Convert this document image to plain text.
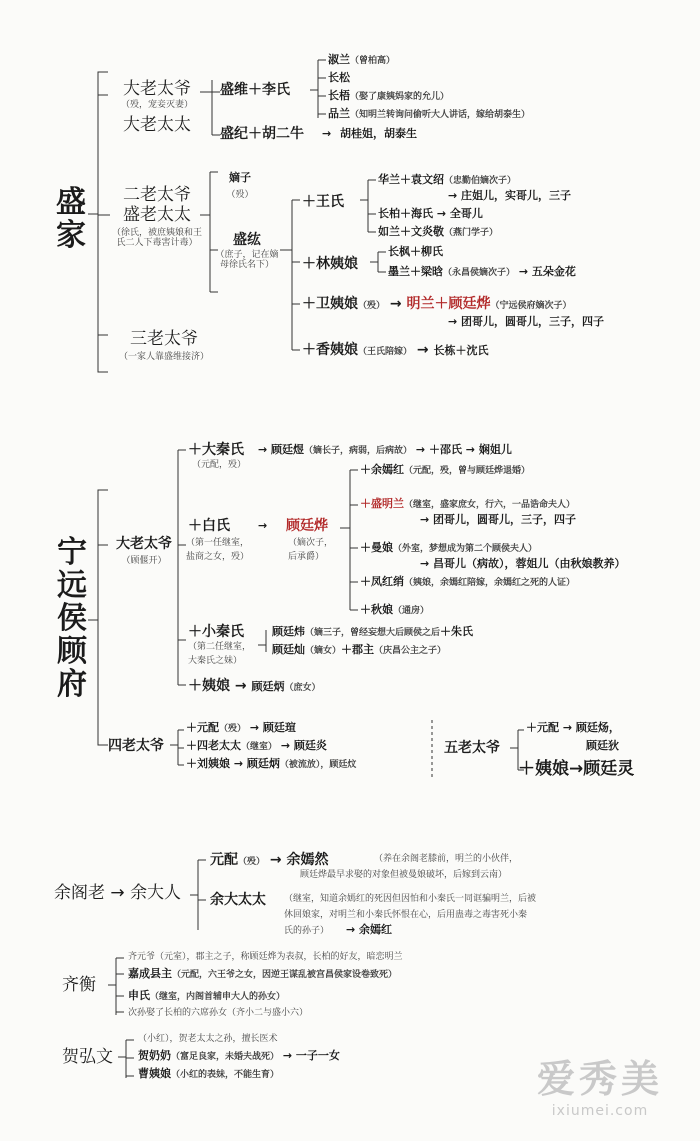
盛家
大老太爷
（殁，宠妾灭妻）
大老太太
盛维＋李氏
淑兰（曾柏高）
长松
长梧（娶了康姨妈家的允儿）
品兰（知明兰转询问偷听大人讲话，嫁给胡泰生）
盛纪＋胡二牛 → 胡桂姐，胡泰生
二老太爷
盛老太太
（徐氏，被庶姨娘和王氏二人下毒害计毒）
嫡子
（殁）
盛纮
（庶子，记在嫡母徐氏名下）
＋王氏
华兰＋袁文绍（忠勤伯嫡次子）
→ 庄姐儿，实哥儿，三子
长柏＋海氏 → 全哥儿
如兰＋文炎敬（燕门学子）
＋林姨娘
长枫＋柳氏
墨兰＋梁晗（永昌侯嫡次子） → 五朵金花
＋卫姨娘（殁） → 明兰＋顾廷烨（宁远侯府嫡次子）
→ 团哥儿，圆哥儿，三子，四子
＋香姨娘（王氏陪嫁） → 长栋＋沈氏
三老太爷
（一家人靠盛维接济）
宁远侯顾府
大老太爷
（顾偃开）
＋大秦氏
（元配，殁）
→ 顾廷煜（嫡长子，病弱，后病故） → ＋邵氏 → 娴姐儿
＋白氏	→
（第一任继室，
盐商之女，殁）
顾廷烨
（嫡次子，
后承爵）
＋余嫣红（元配，殁，曾与顾廷烨退婚）
＋盛明兰（继室，盛家庶女，行六，一品诰命夫人）
→ 团哥儿，圆哥儿，三子，四子
＋曼娘（外室，梦想成为第二个顾侯夫人）
→ 昌哥儿（病故），蓉姐儿（由秋娘教养）
＋凤红绡（姨娘，余嫣红陪嫁，余嫣红之死的人证）
＋秋娘（通房）
＋小秦氏
（第二任继室，
大秦氏之妹）
顾廷炜（嫡三子，曾经妄想大后顾侯之后＋朱氏
顾廷灿（嫡女）＋郡主（庆昌公主之子）
＋姨娘 → 顾廷炳（庶女）
四老太爷
＋元配（殁） → 顾廷瑄
＋四老太太（继室） → 顾廷炎
＋刘姨娘 → 顾廷炳（被流放），顾廷炆
五老太爷
＋元配 → 顾廷炀，
顾廷狄
＋姨娘→顾廷灵
余阁老 → 余大人
元配（殁） → 余嫣然	（养在余阁老膝前，明兰的小伙伴，
顾廷烨最早求娶的对象但被曼娘破坏，后嫁到云南）
余大太太 （继室，知道余嫣红的死因但因怕和小秦氏一同诓骗明兰，后被
休回娘家，对明兰和小秦氏怀恨在心，后用蛊毒之毒害死小秦
氏的孙子） → 余嫣红
齐衡
齐元爷（元室），郡主之子，称顾廷烨为表叔，长柏的好友，暗恋明兰
嘉成县主（元配，六王爷之女，因逆王谋乱被宫昌侯家设卷致死）
申氏（继室，内阁首辅申大人的孙女）
次孙娶了长柏的六席孙女（齐小二与盛小六）
贺弘文
（小红），贺老太太之孙，擅长医术
贺奶奶（富足良家，未婚夫战死） → 一子一女
曹姨娘（小红的表妹，不能生育）	爱秀美
ixiumei.com
